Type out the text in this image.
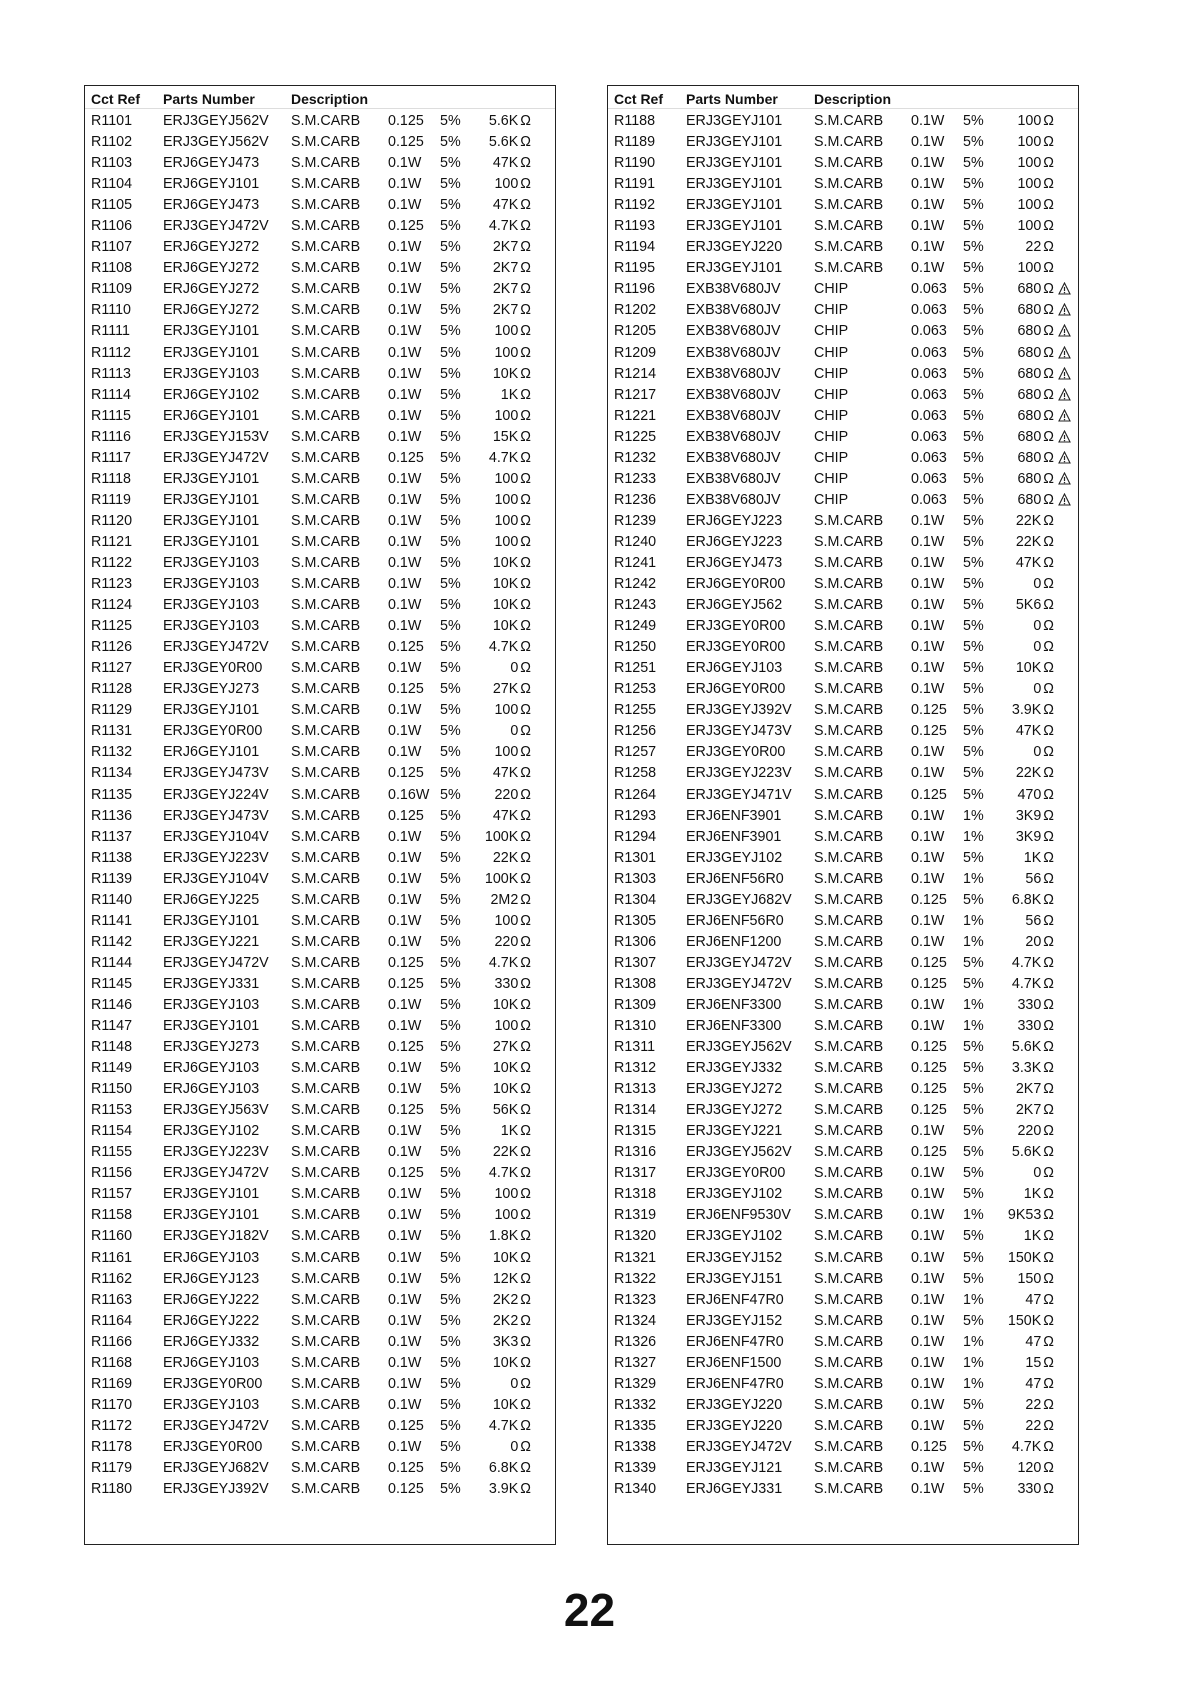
Cct Ref Parts Number	Description
R1101 ERJ3GEYJ562V S.M.CARB 0.125 5% 5.6K Ω
R1102 ERJ3GEYJ562V S.M.CARB 0.125 5% 5.6K Ω
R1103 ERJ6GEYJ473 S.M.CARB 0.1W 5% 47K Ω
R1104 ERJ6GEYJ101 S.M.CARB 0.1W 5% 100 Ω
R1105 ERJ6GEYJ473 S.M.CARB 0.1W 5% 47K Ω
R1106 ERJ3GEYJ472V S.M.CARB 0.125 5% 4.7K Ω
R1107 ERJ6GEYJ272 S.M.CARB 0.1W 5% 2K7 Ω
R1108 ERJ6GEYJ272 S.M.CARB 0.1W 5% 2K7 Ω
R1109 ERJ6GEYJ272 S.M.CARB 0.1W 5% 2K7 Ω
R1110 ERJ6GEYJ272 S.M.CARB 0.1W 5% 2K7 Ω
R1111 ERJ3GEYJ101 S.M.CARB 0.1W 5% 100 Ω
R1112 ERJ3GEYJ101 S.M.CARB 0.1W 5% 100 Ω
R1113 ERJ3GEYJ103 S.M.CARB 0.1W 5% 10K Ω
R1114 ERJ6GEYJ102 S.M.CARB 0.1W 5%	1K Ω
R1115 ERJ6GEYJ101 S.M.CARB 0.1W 5% 100 Ω
R1116 ERJ3GEYJ153V S.M.CARB 0.1W 5% 15K Ω
R1117 ERJ3GEYJ472V S.M.CARB 0.125 5% 4.7K Ω
R1118 ERJ3GEYJ101 S.M.CARB 0.1W 5% 100 Ω
R1119 ERJ3GEYJ101 S.M.CARB 0.1W 5% 100 Ω
R1120 ERJ3GEYJ101 S.M.CARB 0.1W 5% 100 Ω
R1121 ERJ3GEYJ101 S.M.CARB 0.1W 5% 100 Ω
R1122 ERJ3GEYJ103 S.M.CARB 0.1W 5% 10K Ω
R1123 ERJ3GEYJ103 S.M.CARB 0.1W 5% 10K Ω
R1124 ERJ3GEYJ103 S.M.CARB 0.1W 5% 10K Ω
R1125 ERJ3GEYJ103 S.M.CARB 0.1W 5% 10K Ω
R1126 ERJ3GEYJ472V S.M.CARB 0.125 5% 4.7K Ω
R1127 ERJ3GEY0R00 S.M.CARB 0.1W 5%	0 Ω
R1128 ERJ3GEYJ273 S.M.CARB 0.125 5% 27K Ω
R1129 ERJ3GEYJ101 S.M.CARB 0.1W 5% 100 Ω
R1131 ERJ3GEY0R00 S.M.CARB 0.1W 5%	0 Ω
R1132 ERJ6GEYJ101 S.M.CARB 0.1W 5% 100 Ω
R1134 ERJ3GEYJ473V S.M.CARB 0.125 5% 47K Ω
R1135 ERJ3GEYJ224V S.M.CARB 0.16W 5% 220 Ω
R1136 ERJ3GEYJ473V S.M.CARB 0.125 5% 47K Ω
R1137 ERJ3GEYJ104V S.M.CARB 0.1W 5% 100K Ω
R1138 ERJ3GEYJ223V S.M.CARB 0.1W 5% 22K Ω
R1139 ERJ3GEYJ104V S.M.CARB 0.1W 5% 100K Ω
R1140 ERJ6GEYJ225 S.M.CARB 0.1W 5% 2M2 Ω
R1141 ERJ3GEYJ101 S.M.CARB 0.1W 5% 100 Ω
R1142 ERJ3GEYJ221 S.M.CARB 0.1W 5% 220 Ω
R1144 ERJ3GEYJ472V S.M.CARB 0.125 5% 4.7K Ω
R1145 ERJ3GEYJ331 S.M.CARB 0.125 5% 330 Ω
R1146 ERJ3GEYJ103 S.M.CARB 0.1W 5% 10K Ω
R1147 ERJ3GEYJ101 S.M.CARB 0.1W 5% 100 Ω
R1148 ERJ3GEYJ273 S.M.CARB 0.125 5% 27K Ω
R1149 ERJ6GEYJ103 S.M.CARB 0.1W 5% 10K Ω
R1150 ERJ6GEYJ103 S.M.CARB 0.1W 5% 10K Ω
R1153 ERJ3GEYJ563V S.M.CARB 0.125 5% 56K Ω
R1154 ERJ3GEYJ102 S.M.CARB 0.1W 5%	1K Ω
R1155 ERJ3GEYJ223V S.M.CARB 0.1W 5% 22K Ω
R1156 ERJ3GEYJ472V S.M.CARB 0.125 5% 4.7K Ω
R1157 ERJ3GEYJ101 S.M.CARB 0.1W 5% 100 Ω
R1158 ERJ3GEYJ101 S.M.CARB 0.1W 5% 100 Ω
R1160 ERJ3GEYJ182V S.M.CARB 0.1W 5% 1.8K Ω
R1161 ERJ6GEYJ103 S.M.CARB 0.1W 5% 10K Ω
R1162 ERJ6GEYJ123 S.M.CARB 0.1W 5% 12K Ω
R1163 ERJ6GEYJ222 S.M.CARB 0.1W 5% 2K2 Ω
R1164 ERJ6GEYJ222 S.M.CARB 0.1W 5% 2K2 Ω
R1166 ERJ6GEYJ332 S.M.CARB 0.1W 5% 3K3 Ω
R1168 ERJ6GEYJ103 S.M.CARB 0.1W 5% 10K Ω
R1169 ERJ3GEY0R00 S.M.CARB 0.1W 5%	0 Ω
R1170 ERJ3GEYJ103 S.M.CARB 0.1W 5% 10K Ω
R1172 ERJ3GEYJ472V S.M.CARB 0.125 5% 4.7K Ω
R1178 ERJ3GEY0R00 S.M.CARB 0.1W 5%	0 Ω
R1179 ERJ3GEYJ682V S.M.CARB 0.125 5% 6.8K Ω
R1180 ERJ3GEYJ392V S.M.CARB 0.125 5% 3.9K Ω
Cct Ref Parts Number	Description
R1188 ERJ3GEYJ101 S.M.CARB 0.1W 5% 100 Ω
R1189 ERJ3GEYJ101 S.M.CARB 0.1W 5% 100 Ω
R1190 ERJ3GEYJ101 S.M.CARB 0.1W 5% 100 Ω
R1191 ERJ3GEYJ101 S.M.CARB 0.1W 5% 100 Ω
R1192 ERJ3GEYJ101 S.M.CARB 0.1W 5% 100 Ω
R1193 ERJ3GEYJ101 S.M.CARB 0.1W 5% 100 Ω
R1194 ERJ3GEYJ220 S.M.CARB 0.1W 5%	22 Ω
R1195 ERJ3GEYJ101 S.M.CARB 0.1W 5% 100 Ω
R1196 EXB38V680JV CHIP	0.063 5% 680 Ω
R1202 EXB38V680JV CHIP	0.063 5% 680 Ω
R1205 EXB38V680JV CHIP	0.063 5% 680 Ω
R1209 EXB38V680JV CHIP	0.063 5% 680 Ω
R1214 EXB38V680JV CHIP	0.063 5% 680 Ω
R1217 EXB38V680JV CHIP	0.063 5% 680 Ω
R1221 EXB38V680JV CHIP	0.063 5% 680 Ω
R1225 EXB38V680JV CHIP	0.063 5% 680 Ω
R1232 EXB38V680JV CHIP	0.063 5% 680 Ω
R1233 EXB38V680JV CHIP	0.063 5% 680 Ω
R1236 EXB38V680JV CHIP	0.063 5% 680 Ω
R1239 ERJ6GEYJ223 S.M.CARB 0.1W 5% 22K Ω
R1240 ERJ6GEYJ223 S.M.CARB 0.1W 5% 22K Ω
R1241 ERJ6GEYJ473 S.M.CARB 0.1W 5% 47K Ω
R1242 ERJ6GEY0R00 S.M.CARB 0.1W 5%	0 Ω
R1243 ERJ6GEYJ562 S.M.CARB 0.1W 5% 5K6 Ω
R1249 ERJ3GEY0R00 S.M.CARB 0.1W 5%	0 Ω
R1250 ERJ3GEY0R00 S.M.CARB 0.1W 5%	0 Ω
R1251 ERJ6GEYJ103 S.M.CARB 0.1W 5% 10K Ω
R1253 ERJ6GEY0R00 S.M.CARB 0.1W 5%	0 Ω
R1255 ERJ3GEYJ392V S.M.CARB 0.125 5% 3.9K Ω
R1256 ERJ3GEYJ473V S.M.CARB 0.125 5% 47K Ω
R1257 ERJ3GEY0R00 S.M.CARB 0.1W 5%	0 Ω
R1258 ERJ3GEYJ223V S.M.CARB 0.1W 5% 22K Ω
R1264 ERJ3GEYJ471V S.M.CARB 0.125 5% 470 Ω
R1293 ERJ6ENF3901 S.M.CARB 0.1W 1% 3K9 Ω
R1294 ERJ6ENF3901 S.M.CARB 0.1W 1% 3K9 Ω
R1301 ERJ3GEYJ102 S.M.CARB 0.1W 5%	1K Ω
R1303 ERJ6ENF56R0 S.M.CARB 0.1W 1%	56 Ω
R1304 ERJ3GEYJ682V S.M.CARB 0.125 5% 6.8K Ω
R1305 ERJ6ENF56R0 S.M.CARB 0.1W 1%	56 Ω
R1306 ERJ6ENF1200 S.M.CARB 0.1W 1%	20 Ω
R1307 ERJ3GEYJ472V S.M.CARB 0.125 5% 4.7K Ω
R1308 ERJ3GEYJ472V S.M.CARB 0.125 5% 4.7K Ω
R1309 ERJ6ENF3300 S.M.CARB 0.1W 1% 330 Ω
R1310 ERJ6ENF3300 S.M.CARB 0.1W 1% 330 Ω
R1311 ERJ3GEYJ562V S.M.CARB 0.125 5% 5.6K Ω
R1312 ERJ3GEYJ332 S.M.CARB 0.125 5% 3.3K Ω
R1313 ERJ3GEYJ272 S.M.CARB 0.125 5% 2K7 Ω
R1314 ERJ3GEYJ272 S.M.CARB 0.125 5% 2K7 Ω
R1315 ERJ3GEYJ221 S.M.CARB 0.1W 5% 220 Ω
R1316 ERJ3GEYJ562V S.M.CARB 0.125 5% 5.6K Ω
R1317 ERJ3GEY0R00 S.M.CARB 0.1W 5%	0 Ω
R1318 ERJ3GEYJ102 S.M.CARB 0.1W 5%	1K Ω
R1319 ERJ6ENF9530V S.M.CARB 0.1W 1% 9K53 Ω
R1320 ERJ3GEYJ102 S.M.CARB 0.1W 5%	1K Ω
R1321 ERJ3GEYJ152 S.M.CARB 0.1W 5% 150K Ω
R1322 ERJ3GEYJ151 S.M.CARB 0.1W 5% 150 Ω
R1323 ERJ6ENF47R0 S.M.CARB 0.1W 1%	47 Ω
R1324 ERJ3GEYJ152 S.M.CARB 0.1W 5% 150K Ω
R1326 ERJ6ENF47R0 S.M.CARB 0.1W 1%	47 Ω
R1327 ERJ6ENF1500 S.M.CARB 0.1W 1%	15 Ω
R1329 ERJ6ENF47R0 S.M.CARB 0.1W 1%	47 Ω
R1332 ERJ3GEYJ220 S.M.CARB 0.1W 5%	22 Ω
R1335 ERJ3GEYJ220 S.M.CARB 0.1W 5%	22 Ω
R1338 ERJ3GEYJ472V S.M.CARB 0.125 5% 4.7K Ω
R1339 ERJ3GEYJ121 S.M.CARB 0.1W 5% 120 Ω
R1340 ERJ6GEYJ331 S.M.CARB 0.1W 5% 330 Ω
22
